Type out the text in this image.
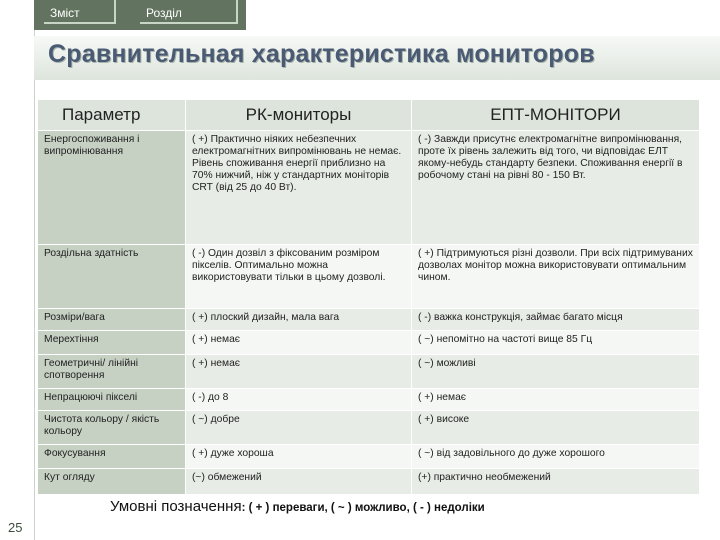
Зміст	Розділ
Сравнительная характеристика мониторов
Параметр	РК-мониторы	ЕПТ-МОНІТОРИ
Енергоспоживання і випромінювання	( +) Практично ніяких небезпечних електромагнітних випромінювань не немає. Рівень споживання енергії приблизно на 70% нижчий, ніж у стандартних моніторів CRT (від 25 до 40 Вт).	( -) Завжди присутнє електромагнітне випромінювання, проте їх рівень залежить від того, чи відповідає ЕЛТ якому-небудь стандарту безпеки. Споживання енергії в робочому стані на рівні 80 - 150 Вт.
Роздільна здатність	( -) Один дозвіл з фіксованим розміром пікселів. Оптимально можна використовувати тільки в цьому дозволі.	( +) Підтримуються різні дозволи. При всіх підтримуваних дозволах монітор можна використовувати оптимальним чином.
Розміри/вага	( +) плоский дизайн, мала вага	( -) важка конструкція, займає багато місця
Мерехтіння	( +) немає	( ~) непомітно на частоті вище 85 Гц
Геометричні/ лінійні спотворення	( +) немає	( ~) можливі
Непрацюючі пікселі	( -) до 8	( +) немає
Чистота кольору / якість кольору	( ~) добре	( +) високе
Фокусування	( +) дуже хороша	( ~) від задовільного до дуже хорошого
Кут огляду	(~) обмежений	(+) практично необмежений
Умовні позначення: ( + ) переваги, ( ~ ) можливо, ( - ) недоліки
25
